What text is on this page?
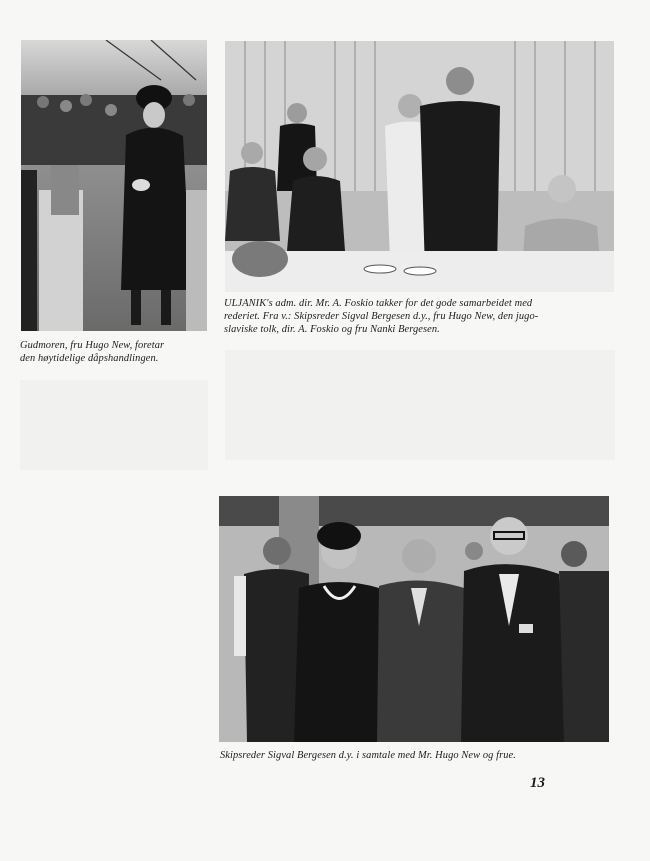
Gudmoren, fru Hugo New, foretar
den høytidelige dåpshandlingen.
ULJANIK's adm. dir. Mr. A. Foskio takker for det gode samarbeidet med
rederiet. Fra v.: Skipsreder Sigval Bergesen d.y., fru Hugo New, den jugo-
slaviske tolk, dir. A. Foskio og fru Nanki Bergesen.
Skipsreder Sigval Bergesen d.y. i samtale med Mr. Hugo New og frue.
13
